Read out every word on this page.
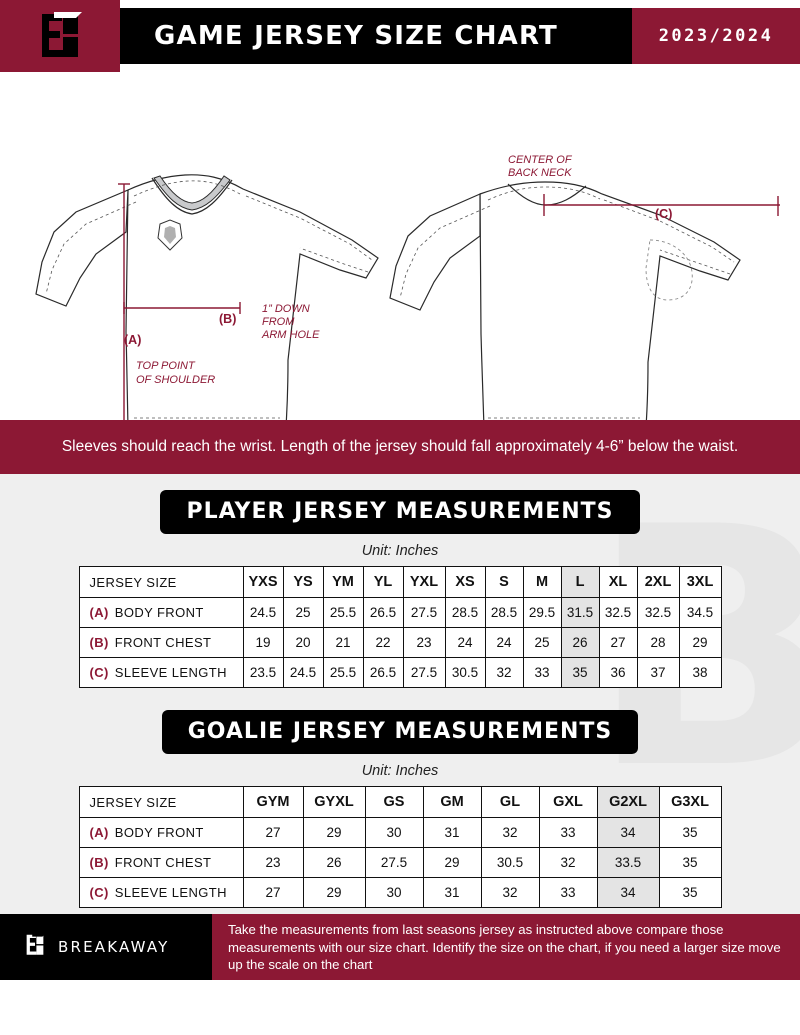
GAME JERSEY SIZE CHART	2023/2024
(A)
(B)
TOP POINT
OF SHOULDER
1” DOWN
FROM
ARM HOLE
(C)
CENTER OF
BACK NECK
Sleeves should reach the wrist. Length of the jersey should fall approximately 4-6” below the waist.
PLAYER JERSEY MEASUREMENTS
Unit: Inches
JERSEY SIZE	YXS	YS	YM	YL	YXL	XS	S	M	L	XL	2XL	3XL
(A) BODY FRONT	24.5	25	25.5	26.5	27.5	28.5	28.5	29.5	31.5	32.5	32.5	34.5
(B) FRONT CHEST	19	20	21	22	23	24	24	25	26	27	28	29
(C) SLEEVE LENGTH	23.5	24.5	25.5	26.5	27.5	30.5	32	33	35	36	37	38
GOALIE JERSEY MEASUREMENTS
Unit: Inches
JERSEY SIZE	GYM	GYXL	GS	GM	GL	GXL	G2XL	G3XL
(A) BODY FRONT	27	29	30	31	32	33	34	35
(B) FRONT CHEST	23	26	27.5	29	30.5	32	33.5	35
(C) SLEEVE LENGTH	27	29	30	31	32	33	34	35
BREAKAWAY
Take the measurements from last seasons jersey as instructed above compare those measurements with our size chart. Identify the size on the chart, if you need a larger size move up the scale on the chart
